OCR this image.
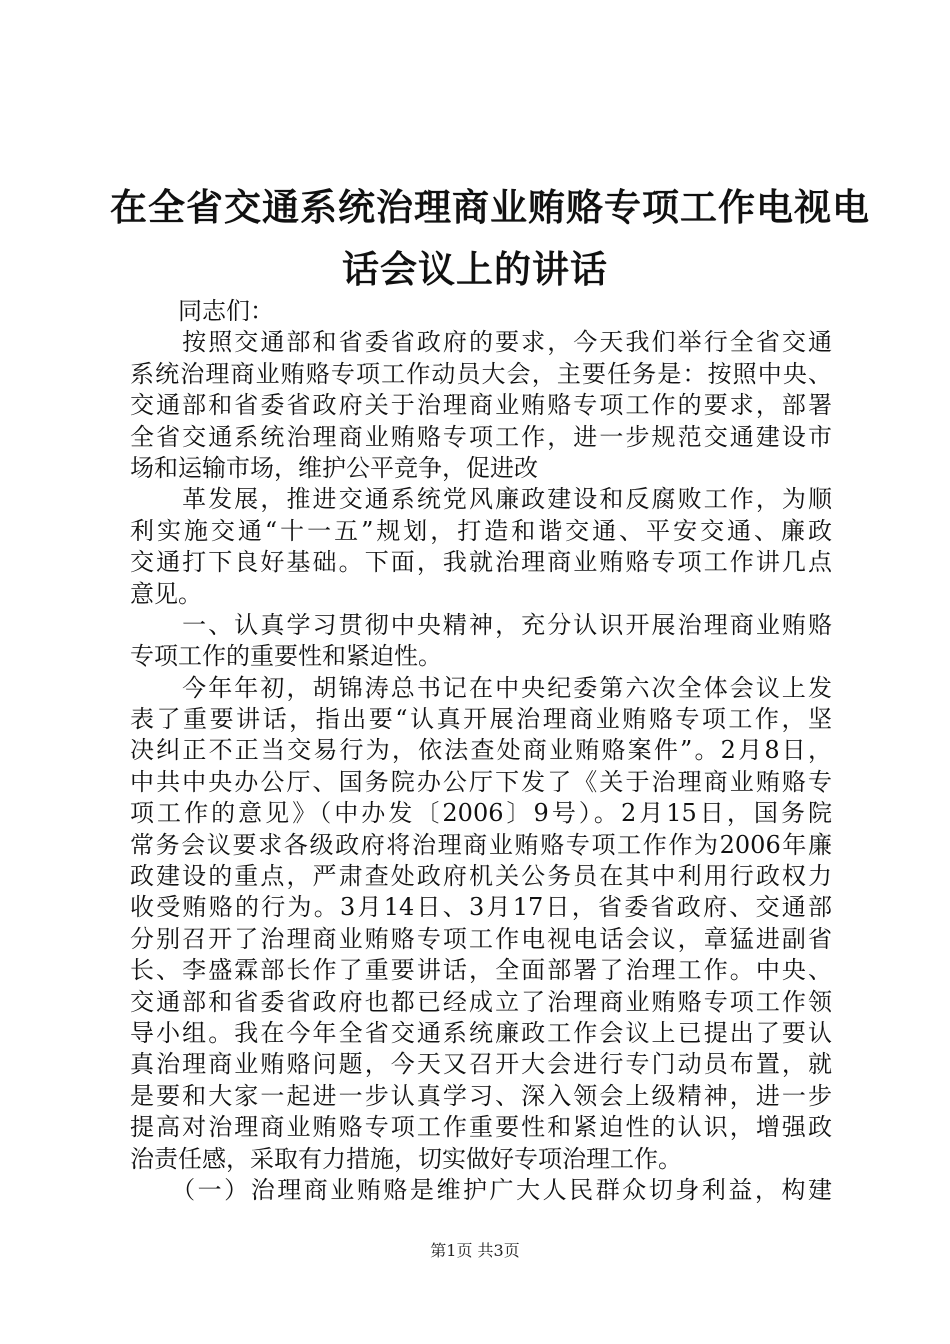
在全省交通系统治理商业贿赂专项工作电视电
话会议上的讲话
　　同志们：
　　按照交通部和省委省政府的要求，今天我们举行全省交通
系统治理商业贿赂专项工作动员大会，主要任务是：按照中央、
交通部和省委省政府关于治理商业贿赂专项工作的要求，部署
全省交通系统治理商业贿赂专项工作，进一步规范交通建设市
场和运输市场，维护公平竞争，促进改
　　革发展，推进交通系统党风廉政建设和反腐败工作，为顺
利实施交通“十一五”规划，打造和谐交通、平安交通、廉政
交通打下良好基础。下面，我就治理商业贿赂专项工作讲几点
意见。
　　一、认真学习贯彻中央精神，充分认识开展治理商业贿赂
专项工作的重要性和紧迫性。
　　今年年初，胡锦涛总书记在中央纪委第六次全体会议上发
表了重要讲话，指出要“认真开展治理商业贿赂专项工作，坚
决纠正不正当交易行为，依法查处商业贿赂案件”。2月8日，
中共中央办公厅、国务院办公厅下发了《关于治理商业贿赂专
项工作的意见》（中办发〔2006〕9号）。2月15日，国务院
常务会议要求各级政府将治理商业贿赂专项工作作为2006年廉
政建设的重点，严肃查处政府机关公务员在其中利用行政权力
收受贿赂的行为。3月14日、3月17日，省委省政府、交通部
分别召开了治理商业贿赂专项工作电视电话会议，章猛进副省
长、李盛霖部长作了重要讲话，全面部署了治理工作。中央、
交通部和省委省政府也都已经成立了治理商业贿赂专项工作领
导小组。我在今年全省交通系统廉政工作会议上已提出了要认
真治理商业贿赂问题，今天又召开大会进行专门动员布置，就
是要和大家一起进一步认真学习、深入领会上级精神，进一步
提高对治理商业贿赂专项工作重要性和紧迫性的认识，增强政
治责任感，采取有力措施，切实做好专项治理工作。
　　（一）治理商业贿赂是维护广大人民群众切身利益，构建
第1页 共3页
